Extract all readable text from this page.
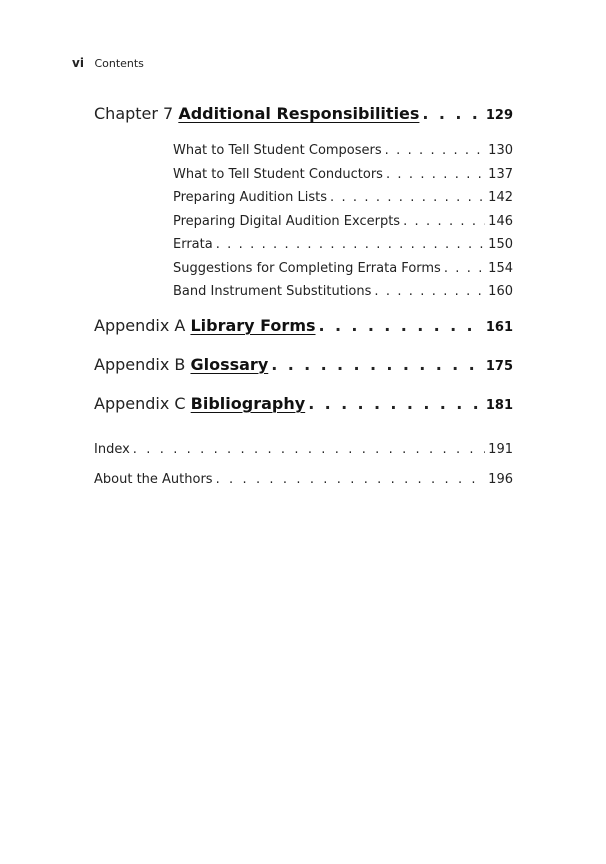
vi Contents
Chapter 7 Additional Responsibilities . . .	129
What to Tell Student Composers . . .	130
What to Tell Student Conductors . . .	137
Preparing Audition Lists . . .	142
Preparing Digital Audition Excerpts . . .	146
Errata . . .	150
Suggestions for Completing Errata Forms . . .	154
Band Instrument Substitutions . . .	160
Appendix A Library Forms . . .	161
Appendix B Glossary . . .	175
Appendix C Bibliography . . .	181
Index . . .	191
About the Authors . . .	196
